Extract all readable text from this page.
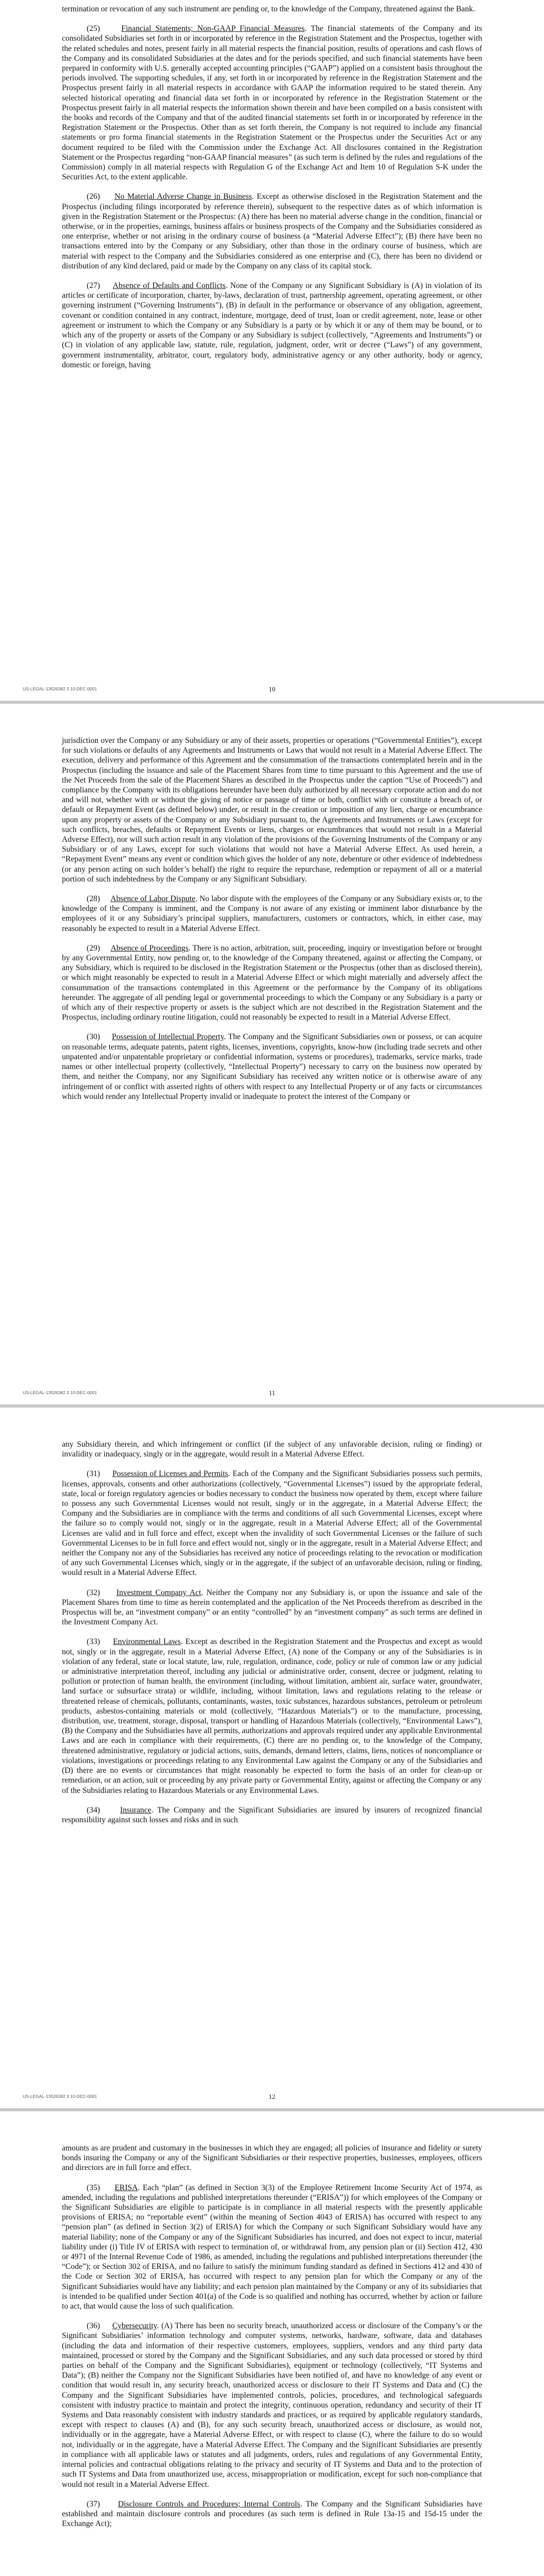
termination or revocation of any such instrument are pending or, to the knowledge of the Company, threatened against the Bank.

(25)	Financial Statements; Non-GAAP Financial Measures. The financial statements of the Company and its consolidated Subsidiaries set forth in or incorporated by reference in the Registration Statement and the Prospectus, together with the related schedules and notes, present fairly in all material respects the financial position, results of operations and cash flows of the Company and its consolidated Subsidiaries at the dates and for the periods specified, and such financial statements have been prepared in conformity with U.S. generally accepted accounting principles (“GAAP”) applied on a consistent basis throughout the periods involved. The supporting schedules, if any, set forth in or incorporated by reference in the Registration Statement and the Prospectus present fairly in all material respects in accordance with GAAP the information required to be stated therein. Any selected historical operating and financial data set forth in or incorporated by reference in the Registration Statement or the Prospectus present fairly in all material respects the information shown therein and have been compiled on a basis consistent with the books and records of the Company and that of the audited financial statements set forth in or incorporated by reference in the Registration Statement or the Prospectus. Other than as set forth therein, the Company is not required to include any financial statements or pro forma financial statements in the Registration Statement or the Prospectus under the Securities Act or any document required to be filed with the Commission under the Exchange Act. All disclosures contained in the Registration Statement or the Prospectus regarding “non-GAAP financial measures” (as such term is defined by the rules and regulations of the Commission) comply in all material respects with Regulation G of the Exchange Act and Item 10 of Regulation S-K under the Securities Act, to the extent applicable.

(26) No Material Adverse Change in Business. Except as otherwise disclosed in the Registration Statement and the Prospectus (including filings incorporated by reference therein), subsequent to the respective dates as of which information is given in the Registration Statement or the Prospectus: (A) there has been no material adverse change in the condition, financial or otherwise, or in the properties, earnings, business affairs or business prospects of the Company and the Subsidiaries considered as one enterprise, whether or not arising in the ordinary course of business (a “Material Adverse Effect”); (B) there have been no transactions entered into by the Company or any Subsidiary, other than those in the ordinary course of business, which are material with respect to the Company and the Subsidiaries considered as one enterprise and (C), there has been no dividend or distribution of any kind declared, paid or made by the Company on any class of its capital stock.

(27) Absence of Defaults and Conflicts. None of the Company or any Significant Subsidiary is (A) in violation of its articles or certificate of incorporation, charter, by-laws, declaration of trust, partnership agreement, operating agreement, or other governing instrument (“Governing Instruments”), (B) in default in the performance or observance of any obligation, agreement, covenant or condition contained in any contract, indenture, mortgage, deed of trust, loan or credit agreement, note, lease or other agreement or instrument to which the Company or any Subsidiary is a party or by which it or any of them may be bound, or to which any of the property or assets of the Company or any Subsidiary is subject (collectively, “Agreements and Instruments”) or (C) in violation of any applicable law, statute, rule, regulation, judgment, order, writ or decree (“Laws”) of any government, government instrumentality, arbitrator, court, regulatory body, administrative agency or any other authority, body or agency, domestic or foreign, having

US-LEGAL-13526382 3 10-DEC-0001	10

jurisdiction over the Company or any Subsidiary or any of their assets, properties or operations (“Governmental Entities”), except for such violations or defaults of any Agreements and Instruments or Laws that would not result in a Material Adverse Effect. The execution, delivery and performance of this Agreement and the consummation of the transactions contemplated herein and in the Prospectus (including the issuance and sale of the Placement Shares from time to time pursuant to this Agreement and the use of the Net Proceeds from the sale of the Placement Shares as described in the Prospectus under the caption “Use of Proceeds”) and compliance by the Company with its obligations hereunder have been duly authorized by all necessary corporate action and do not and will not, whether with or without the giving of notice or passage of time or both, conflict with or constitute a breach of, or default or Repayment Event (as defined below) under, or result in the creation or imposition of any lien, charge or encumbrance upon any property or assets of the Company or any Subsidiary pursuant to, the Agreements and Instruments or Laws (except for such conflicts, breaches, defaults or Repayment Events or liens, charges or encumbrances that would not result in a Material Adverse Effect), nor will such action result in any violation of the provisions of the Governing Instruments of the Company or any Subsidiary or of any Laws, except for such violations that would not have a Material Adverse Effect. As used herein, a “Repayment Event” means any event or condition which gives the holder of any note, debenture or other evidence of indebtedness (or any person acting on such holder’s behalf) the right to require the repurchase, redemption or repayment of all or a material portion of such indebtedness by the Company or any Significant Subsidiary.

(28) Absence of Labor Dispute. No labor dispute with the employees of the Company or any Subsidiary exists or, to the knowledge of the Company is imminent, and the Company is not aware of any existing or imminent labor disturbance by the employees of it or any Subsidiary’s principal suppliers, manufacturers, customers or contractors, which, in either case, may reasonably be expected to result in a Material Adverse Effect.

(29) Absence of Proceedings. There is no action, arbitration, suit, proceeding, inquiry or investigation before or brought by any Governmental Entity, now pending or, to the knowledge of the Company threatened, against or affecting the Company, or any Subsidiary, which is required to be disclosed in the Registration Statement or the Prospectus (other than as disclosed therein), or which might reasonably be expected to result in a Material Adverse Effect or which might materially and adversely affect the consummation of the transactions contemplated in this Agreement or the performance by the Company of its obligations hereunder. The aggregate of all pending legal or governmental proceedings to which the Company or any Subsidiary is a party or of which any of their respective property or assets is the subject which are not described in the Registration Statement and the Prospectus, including ordinary routine litigation, could not reasonably be expected to result in a Material Adverse Effect.

(30) Possession of Intellectual Property. The Company and the Significant Subsidiaries own or possess, or can acquire on reasonable terms, adequate patents, patent rights, licenses, inventions, copyrights, know-how (including trade secrets and other unpatented and/or unpatentable proprietary or confidential information, systems or procedures), trademarks, service marks, trade names or other intellectual property (collectively, “Intellectual Property”) necessary to carry on the business now operated by them, and neither the Company, nor any Significant Subsidiary has received any written notice or is otherwise aware of any infringement of or conflict with asserted rights of others with respect to any Intellectual Property or of any facts or circumstances which would render any Intellectual Property invalid or inadequate to protect the interest of the Company or

US-LEGAL-13526382 3 10-DEC-0001	11

any Subsidiary therein, and which infringement or conflict (if the subject of any unfavorable decision, ruling or finding) or invalidity or inadequacy, singly or in the aggregate, would result in a Material Adverse Effect.

(31) Possession of Licenses and Permits. Each of the Company and the Significant Subsidiaries possess such permits, licenses, approvals, consents and other authorizations (collectively, “Governmental Licenses”) issued by the appropriate federal, state, local or foreign regulatory agencies or bodies necessary to conduct the business now operated by them, except where failure to possess any such Governmental Licenses would not result, singly or in the aggregate, in a Material Adverse Effect; the Company and the Subsidiaries are in compliance with the terms and conditions of all such Governmental Licenses, except where the failure so to comply would not, singly or in the aggregate, result in a Material Adverse Effect; all of the Governmental Licenses are valid and in full force and effect, except when the invalidity of such Governmental Licenses or the failure of such Governmental Licenses to be in full force and effect would not, singly or in the aggregate, result in a Material Adverse Effect; and neither the Company nor any of the Subsidiaries has received any notice of proceedings relating to the revocation or modification of any such Governmental Licenses which, singly or in the aggregate, if the subject of an unfavorable decision, ruling or finding, would result in a Material Adverse Effect.

(32) Investment Company Act. Neither the Company nor any Subsidiary is, or upon the issuance and sale of the Placement Shares from time to time as herein contemplated and the application of the Net Proceeds therefrom as described in the Prospectus will be, an “investment company” or an entity “controlled” by an “investment company” as such terms are defined in the Investment Company Act.

(33) Environmental Laws. Except as described in the Registration Statement and the Prospectus and except as would not, singly or in the aggregate, result in a Material Adverse Effect, (A) none of the Company or any of the Subsidiaries is in violation of any federal, state or local statute, law, rule, regulation, ordinance, code, policy or rule of common law or any judicial or administrative interpretation thereof, including any judicial or administrative order, consent, decree or judgment, relating to pollution or protection of human health, the environment (including, without limitation, ambient air, surface water, groundwater, land surface or subsurface strata) or wildlife, including, without limitation, laws and regulations relating to the release or threatened release of chemicals, pollutants, contaminants, wastes, toxic substances, hazardous substances, petroleum or petroleum products, asbestos-containing materials or mold (collectively, “Hazardous Materials”) or to the manufacture, processing, distribution, use, treatment, storage, disposal, transport or handling of Hazardous Materials (collectively, “Environmental Laws”), (B) the Company and the Subsidiaries have all permits, authorizations and approvals required under any applicable Environmental Laws and are each in compliance with their requirements, (C) there are no pending or, to the knowledge of the Company, threatened administrative, regulatory or judicial actions, suits, demands, demand letters, claims, liens, notices of noncompliance or violations, investigations or proceedings relating to any Environmental Law against the Company or any of the Subsidiaries and (D) there are no events or circumstances that might reasonably be expected to form the basis of an order for clean-up or remediation, or an action, suit or proceeding by any private party or Governmental Entity, against or affecting the Company or any of the Subsidiaries relating to Hazardous Materials or any Environmental Laws.

(34) Insurance. The Company and the Significant Subsidiaries are insured by insurers of recognized financial responsibility against such losses and risks and in such

US-LEGAL-13526382 3 10-DEC-0001	12

amounts as are prudent and customary in the businesses in which they are engaged; all policies of insurance and fidelity or surety bonds insuring the Company or any of the Significant Subsidiaries or their respective properties, businesses, employees, officers and directors are in full force and effect.

(35) ERISA. Each “plan” (as defined in Section 3(3) of the Employee Retirement Income Security Act of 1974, as amended, including the regulations and published interpretations thereunder (“ERISA”)) for which employees of the Company or the Significant Subsidiaries are eligible to participate is in compliance in all material respects with the presently applicable provisions of ERISA; no “reportable event” (within the meaning of Section 4043 of ERISA) has occurred with respect to any “pension plan” (as defined in Section 3(2) of ERISA) for which the Company or such Significant Subsidiary would have any material liability; none of the Company or any of the Significant Subsidiaries has incurred, and does not expect to incur, material liability under (i) Title IV of ERISA with respect to termination of, or withdrawal from, any pension plan or (ii) Section 412, 430 or 4971 of the Internal Revenue Code of 1986, as amended, including the regulations and published interpretations thereunder (the “Code”); or Section 302 of ERISA, and no failure to satisfy the minimum funding standard as defined in Sections 412 and 430 of the Code or Section 302 of ERISA, has occurred with respect to any pension plan for which the Company or any of the Significant Subsidiaries would have any liability; and each pension plan maintained by the Company or any of its subsidiaries that is intended to be qualified under Section 401(a) of the Code is so qualified and nothing has occurred, whether by action or failure to act, that would cause the loss of such qualification.

(36) Cybersecurity. (A) There has been no security breach, unauthorized access or disclosure of the Company’s or the Significant Subsidiaries’ information technology and computer systems, networks, hardware, software, data and databases (including the data and information of their respective customers, employees, suppliers, vendors and any third party data maintained, processed or stored by the Company and the Significant Subsidiaries, and any such data processed or stored by third parties on behalf of the Company and the Significant Subsidiaries), equipment or technology (collectively, “IT Systems and Data”); (B) neither the Company nor the Significant Subsidiaries have been notified of, and have no knowledge of any event or condition that would result in, any security breach, unauthorized access or disclosure to their IT Systems and Data and (C) the Company and the Significant Subsidiaries have implemented controls, policies, procedures, and technological safeguards consistent with industry practice to maintain and protect the integrity, continuous operation, redundancy and security of their IT Systems and Data reasonably consistent with industry standards and practices, or as required by applicable regulatory standards, except with respect to clauses (A) and (B), for any such security breach, unauthorized access or disclosure, as would not, individually or in the aggregate, have a Material Adverse Effect, or with respect to clause (C), where the failure to do so would not, individually or in the aggregate, have a Material Adverse Effect. The Company and the Significant Subsidiaries are presently in compliance with all applicable laws or statutes and all judgments, orders, rules and regulations of any Governmental Entity, internal policies and contractual obligations relating to the privacy and security of IT Systems and Data and to the protection of such IT Systems and Data from unauthorized use, access, misappropriation or modification, except for such non-compliance that would not result in a Material Adverse Effect.

(37) Disclosure Controls and Procedures; Internal Controls. The Company and the Significant Subsidiaries have established and maintain disclosure controls and procedures (as such term is defined in Rule 13a-15 and 15d-15 under the Exchange Act);
